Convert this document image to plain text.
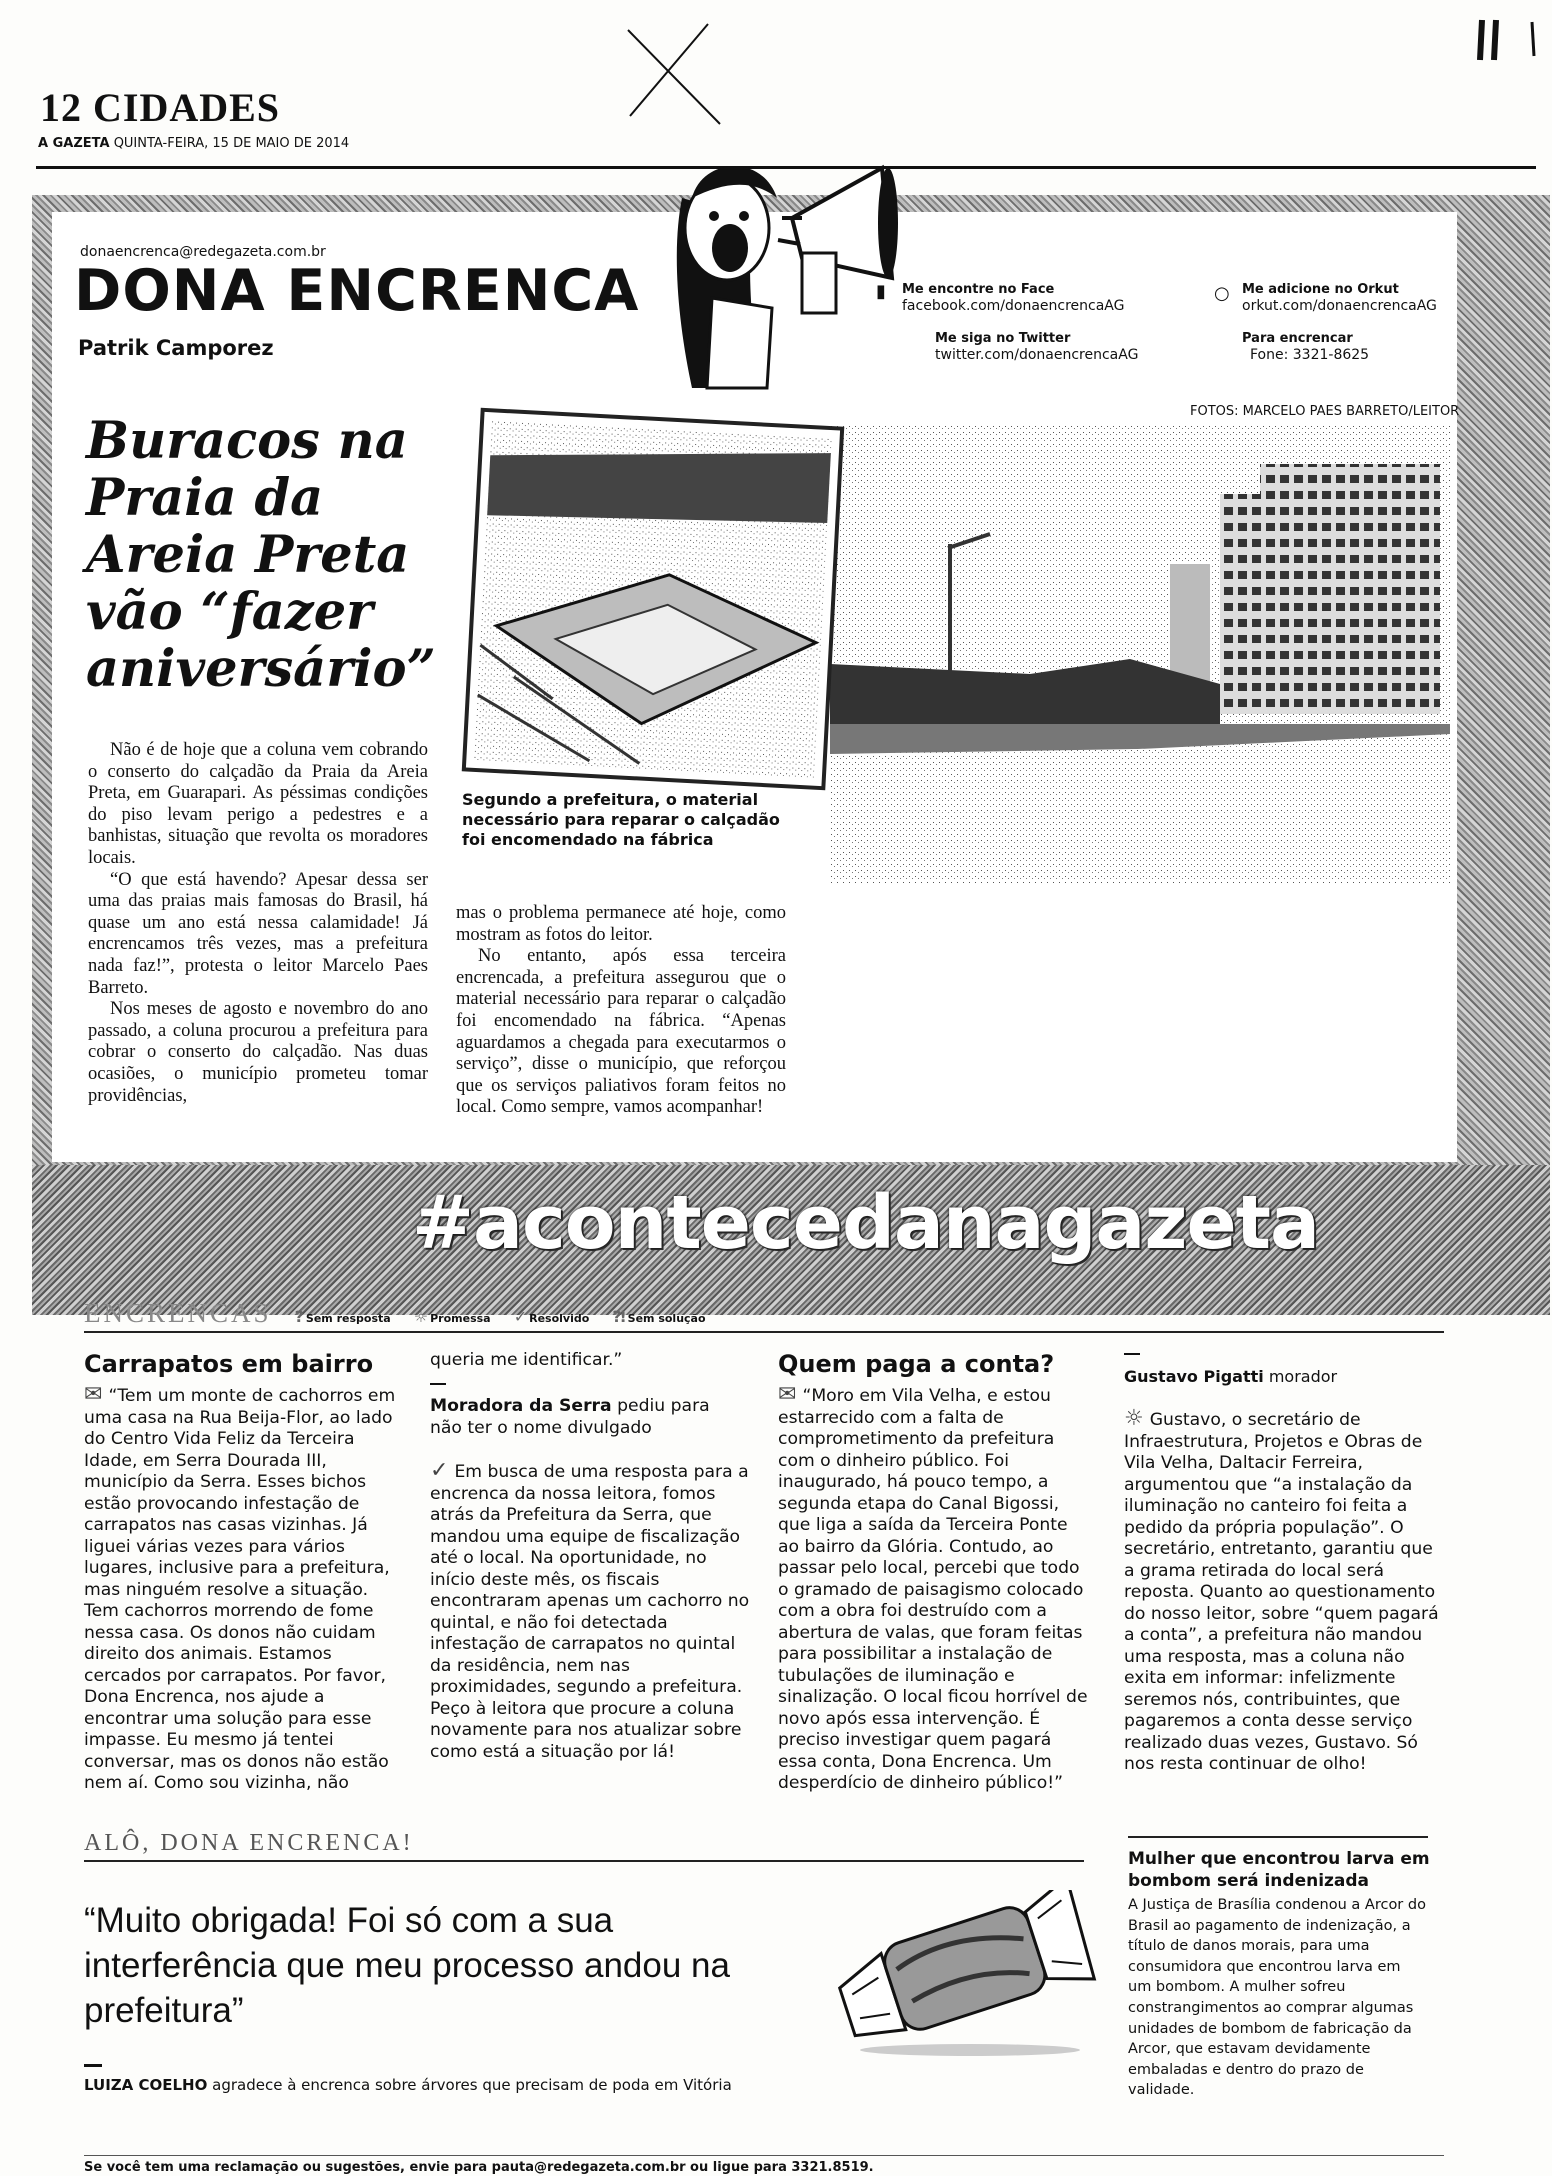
12 CIDADES
A GAZETA QUINTA-FEIRA, 15 DE MAIO DE 2014
donaencrenca@redegazeta.com.br
DONA ENCRENCA
Patrik Camporez
▮ Me encontre no Face
facebook.com/donaencrencaAG
○ Me adicione no Orkut
orkut.com/donaencrencaAG
Me siga no Twitter
twitter.com/donaencrencaAG
Para encrencar
Fone: 3321-8625
Buracos na
Praia da
Areia Preta
vão “fazer
aniversário”
FOTOS: MARCELO PAES BARRETO/LEITOR
Segundo a prefeitura, o material necessário para reparar o calçadão foi encomendado na fábrica

Não é de hoje que a coluna vem cobrando o conserto do calçadão da Praia da Areia Preta, em Guarapari. As péssimas condições do piso levam perigo a pedestres e a banhistas, situação que revolta os moradores locais.

“O que está havendo? Apesar dessa ser uma das praias mais famosas do Brasil, há quase um ano está nessa calamidade! Já encrencamos três vezes, mas a prefeitura nada faz!”, protesta o leitor Marcelo Paes Barreto.

Nos meses de agosto e novembro do ano passado, a coluna procurou a prefeitura para cobrar o conserto do calçadão. Nas duas ocasiões, o município prometeu tomar providências,

mas o problema permanece até hoje, como mostram as fotos do leitor.

No entanto, após essa terceira encrencada, a prefeitura assegurou que o material necessário para reparar o calçadão foi encomendado na fábrica. “Apenas aguardamos a chegada para executarmos o serviço”, disse o município, que reforçou que os serviços paliativos foram feitos no local. Como sempre, vamos acompanhar!

#acontecedanagazeta
ENCRENCAS ? Sem resposta ☼ Promessa ✓ Resolvido ⁈ Sem solução
Carrapatos em bairro
✉ “Tem um monte de cachorros em uma casa na Rua Beija-Flor, ao lado do Centro Vida Feliz da Terceira Idade, em Serra Dourada III, município da Serra. Esses bichos estão provocando infestação de carrapatos nas casas vizinhas. Já liguei várias vezes para vários lugares, inclusive para a prefeitura, mas ninguém resolve a situação. Tem cachorros morrendo de fome nessa casa. Os donos não cuidam direito dos animais. Estamos cercados por carrapatos. Por favor, Dona Encrenca, nos ajude a encontrar uma solução para esse impasse. Eu mesmo já tentei conversar, mas os donos não estão nem aí. Como sou vizinha, não
queria me identificar.”
Moradora da Serra pediu para não ter o nome divulgado
✓ Em busca de uma resposta para a encrenca da nossa leitora, fomos atrás da Prefeitura da Serra, que mandou uma equipe de fiscalização até o local. Na oportunidade, no início deste mês, os fiscais encontraram apenas um cachorro no quintal, e não foi detectada infestação de carrapatos no quintal da residência, nem nas proximidades, segundo a prefeitura. Peço à leitora que procure a coluna novamente para nos atualizar sobre como está a situação por lá!
Quem paga a conta?
✉ “Moro em Vila Velha, e estou estarrecido com a falta de comprometimento da prefeitura com o dinheiro público. Foi inaugurado, há pouco tempo, a segunda etapa do Canal Bigossi, que liga a saída da Terceira Ponte ao bairro da Glória. Contudo, ao passar pelo local, percebi que todo o gramado de paisagismo colocado com a obra foi destruído com a abertura de valas, que foram feitas para possibilitar a instalação de tubulações de iluminação e sinalização. O local ficou horrível de novo após essa intervenção. É preciso investigar quem pagará essa conta, Dona Encrenca. Um desperdício de dinheiro público!”
Gustavo Pigatti morador
☼ Gustavo, o secretário de Infraestrutura, Projetos e Obras de Vila Velha, Daltacir Ferreira, argumentou que “a instalação da iluminação no canteiro foi feita a pedido da própria população”. O secretário, entretanto, garantiu que a grama retirada do local será reposta. Quanto ao questionamento do nosso leitor, sobre “quem pagará a conta”, a prefeitura não mandou uma resposta, mas a coluna não exita em informar: infelizmente seremos nós, contribuintes, que pagaremos a conta desse serviço realizado duas vezes, Gustavo. Só nos resta continuar de olho!
ALÔ, DONA ENCRENCA!
“Muito obrigada! Foi só com a sua interferência que meu processo andou na prefeitura”
LUIZA COELHO agradece à encrenca sobre árvores que precisam de poda em Vitória
Mulher que encontrou larva em bombom será indenizada
A Justiça de Brasília condenou a Arcor do Brasil ao pagamento de indenização, a título de danos morais, para uma consumidora que encontrou larva em um bombom. A mulher sofreu constrangimentos ao comprar algumas unidades de bombom de fabricação da Arcor, que estavam devidamente embaladas e dentro do prazo de validade.
Se você tem uma reclamação ou sugestões, envie para pauta@redegazeta.com.br ou ligue para 3321.8519.
